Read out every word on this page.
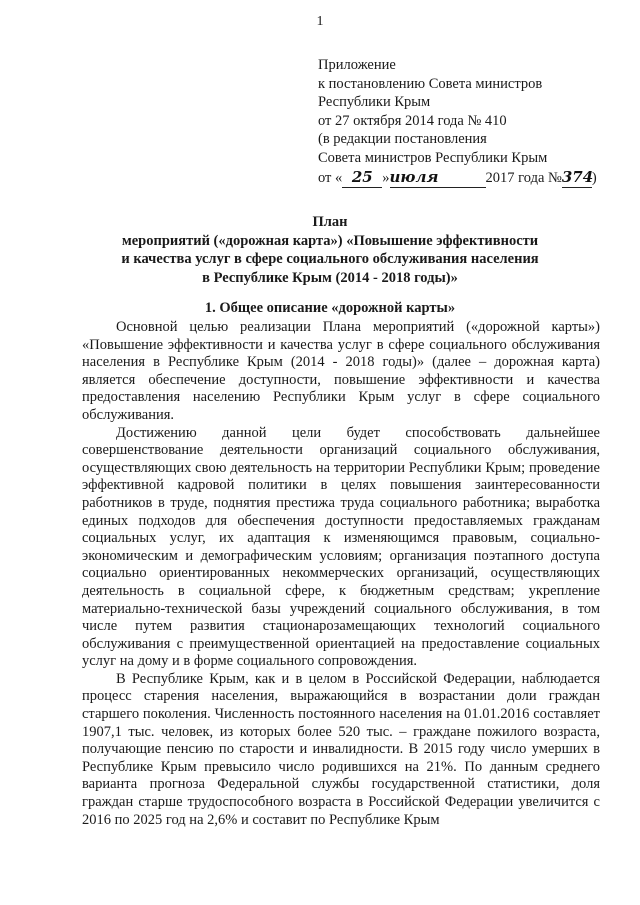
1
Приложение
к постановлению Совета министров
Республики Крым
от 27 октября 2014 года № 410
(в редакции постановления
Совета министров Республики Крым
от « 25 »июля	2017 года №374)
План
мероприятий («дорожная карта») «Повышение эффективности
и качества услуг в сфере социального обслуживания населения
в Республике Крым (2014 - 2018 годы)»
1. Общее описание «дорожной карты»

Основной целью реализации Плана мероприятий («дорожной карты») «Повышение эффективности и качества услуг в сфере социального обслуживания населения в Республике Крым (2014 - 2018 годы)» (далее – дорожная карта) является обеспечение доступности, повышение эффективности и качества предоставления населению Республики Крым услуг в сфере социального обслуживания.

Достижению данной цели будет способствовать дальнейшее совершенствование деятельности организаций социального обслуживания, осуществляющих свою деятельность на территории Республики Крым; проведение эффективной кадровой политики в целях повышения заинтересованности работников в труде, поднятия престижа труда социального работника; выработка единых подходов для обеспечения доступности предоставляемых гражданам социальных услуг, их адаптация к изменяющимся правовым, социально-экономическим и демографическим условиям; организация поэтапного доступа социально ориентированных некоммерческих организаций, осуществляющих деятельность в социальной сфере, к бюджетным средствам; укрепление материально-технической базы учреждений социального обслуживания, в том числе путем развития стационарозамещающих технологий социального обслуживания с преимущественной ориентацией на предоставление социальных услуг на дому и в форме социального сопровождения.

В Республике Крым, как и в целом в Российской Федерации, наблюдается процесс старения населения, выражающийся в возрастании доли граждан старшего поколения. Численность постоянного населения на 01.01.2016 составляет 1907,1 тыс. человек, из которых более 520 тыс. – граждане пожилого возраста, получающие пенсию по старости и инвалидности. В 2015 году число умерших в Республике Крым превысило число родившихся на 21%. По данным среднего варианта прогноза Федеральной службы государственной статистики, доля граждан старше трудоспособного возраста в Российской Федерации увеличится с 2016 по 2025 год на 2,6% и составит по Республике Крым
